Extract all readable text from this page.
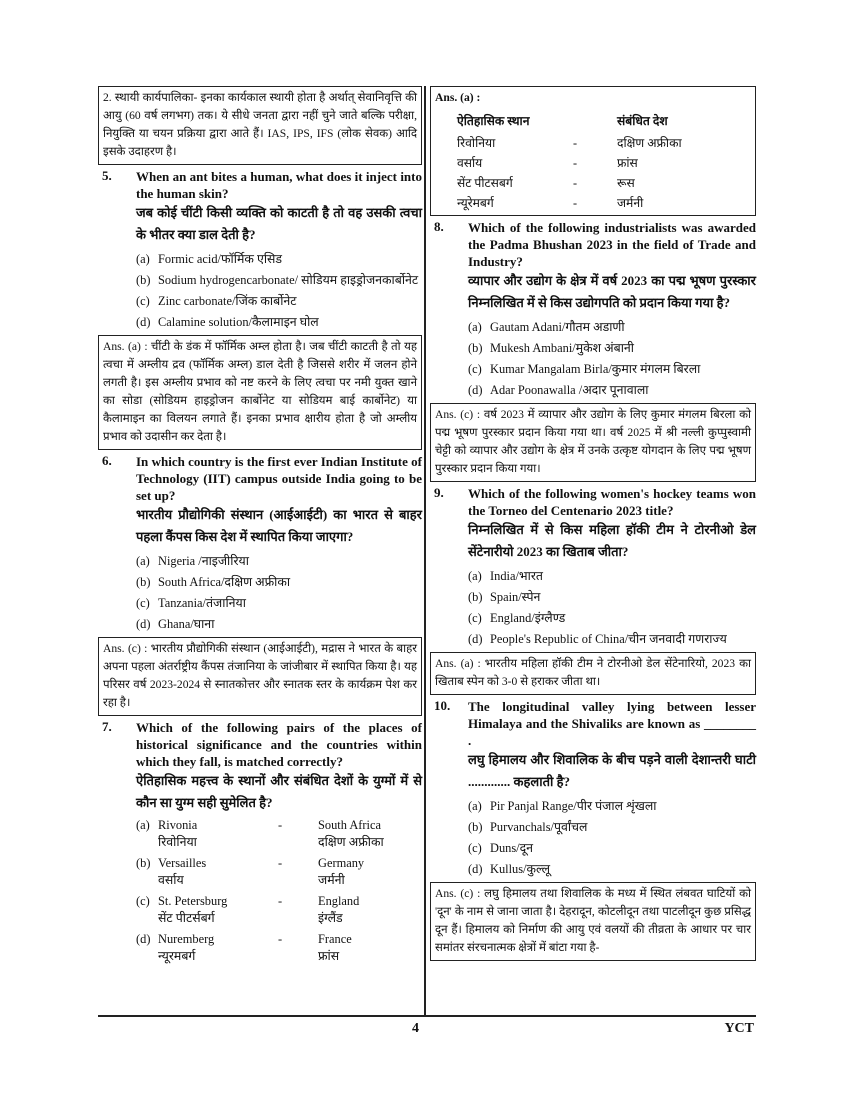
2. स्थायी कार्यपालिका- इनका कार्यकाल स्थायी होता है अर्थात् सेवानिवृत्ति की आयु (60 वर्ष लगभग) तक। ये सीधे जनता द्वारा नहीं चुने जाते बल्कि परीक्षा, नियुक्ति या चयन प्रक्रिया द्वारा आते हैं। IAS, IPS, IFS (लोक सेवक) आदि इसके उदाहरण है।
5. When an ant bites a human, what does it inject into the human skin?
जब कोई चींटी किसी व्यक्ति को काटती है तो वह उसकी त्वचा के भीतर क्या डाल देती है?
(a) Formic acid/फॉर्मिक एसिड
(b) Sodium hydrogencarbonate/ सोडियम हाइड्रोजनकार्बोनेट
(c) Zinc carbonate/जिंक कार्बोनेट
(d) Calamine solution/कैलामाइन घोल
Ans. (a) : चींटी के डंक में फॉर्मिक अम्ल होता है। जब चींटी काटती है तो यह त्वचा में अम्लीय द्रव (फॉर्मिक अम्ल) डाल देती है जिससे शरीर में जलन होने लगती है। इस अम्लीय प्रभाव को नष्ट करने के लिए त्वचा पर नमी युक्त खाने का सोडा (सोडियम हाइड्रोजन कार्बोनेट या सोडियम बाई कार्बोनेट) या कैलामाइन का विलयन लगाते हैं। इनका प्रभाव क्षारीय होता है जो अम्लीय प्रभाव को उदासीन कर देता है।
6. In which country is the first ever Indian Institute of Technology (IIT) campus outside India going to be set up?
भारतीय प्रौद्योगिकी संस्थान (आईआईटी) का भारत से बाहर पहला कैंपस किस देश में स्थापित किया जाएगा?
(a) Nigeria /नाइजीरिया
(b) South Africa/दक्षिण अफ्रीका
(c) Tanzania/तंजानिया
(d) Ghana/घाना
Ans. (c) : भारतीय प्रौद्योगिकी संस्थान (आईआईटी), मद्रास ने भारत के बाहर अपना पहला अंतर्राष्ट्रीय कैंपस तंजानिया के जांजीबार में स्थापित किया है। यह परिसर वर्ष 2023-2024 से स्नातकोत्तर और स्नातक स्तर के कार्यक्रम पेश कर रहा है।
7. Which of the following pairs of the places of historical significance and the countries within which they fall, is matched correctly?
ऐतिहासिक महत्त्व के स्थानों और संबंधित देशों के युग्मों में से कौन सा युग्म सही सुमेलित है?
(a) Rivonia
रिवोनिया
-	South Africa
दक्षिण अफ्रीका
(b) Versailles
वर्साय
-	Germany
जर्मनी
(c) St. Petersburg
सेंट पीटर्सबर्ग
-	England
इंग्लैंड
(d) Nuremberg
न्यूरमबर्ग
-	France
फ्रांस
Ans. (a) :
ऐतिहासिक स्थान	संबंधित देश
रिवोनिया	-	दक्षिण अफ्रीका
वर्साय	-	फ्रांस
सेंट पीटसबर्ग	-	रूस
न्यूरेमबर्ग	-	जर्मनी
8. Which of the following industrialists was awarded the Padma Bhushan 2023 in the field of Trade and Industry?
व्यापार और उद्योग के क्षेत्र में वर्ष 2023 का पद्म भूषण पुरस्कार निम्नलिखित में से किस उद्योगपति को प्रदान किया गया है?
(a) Gautam Adani/गौतम अडाणी
(b) Mukesh Ambani/मुकेश अंबानी
(c) Kumar Mangalam Birla/कुमार मंगलम बिरला
(d) Adar Poonawalla /अदार पूनावाला
Ans. (c) : वर्ष 2023 में व्यापार और उद्योग के लिए कुमार मंगलम बिरला को पद्म भूषण पुरस्कार प्रदान किया गया था। वर्ष 2025 में श्री नल्ली कुप्पुस्वामी चेट्टी को व्यापार और उद्योग के क्षेत्र में उनके उत्कृष्ट योगदान के लिए पद्म भूषण पुरस्कार प्रदान किया गया।
9. Which of the following women's hockey teams won the Torneo del Centenario 2023 title?
निम्नलिखित में से किस महिला हॉकी टीम ने टोरनीओ डेल सेंटेनारीयो 2023 का खिताब जीता?
(a) India/भारत
(b) Spain/स्पेन
(c) England/इंग्लैण्ड
(d) People's Republic of China/चीन जनवादी गणराज्य
Ans. (a) : भारतीय महिला हॉकी टीम ने टोरनीओ डेल सेंटेनारियो, 2023 का खिताब स्पेन को 3-0 से हराकर जीता था।
10. The longitudinal valley lying between lesser Himalaya and the Shivaliks are known as ________ .
लघु हिमालय और शिवालिक के बीच पड़ने वाली देशान्तरी घाटी ............. कहलाती है?
(a) Pir Panjal Range/पीर पंजाल शृंखला
(b) Purvanchals/पूर्वांचल
(c) Duns/दून
(d) Kullus/कुल्लू
Ans. (c) : लघु हिमालय तथा शिवालिक के मध्य में स्थित लंबवत घाटियों को 'दून' के नाम से जाना जाता है। देहरादून, कोटलीदून तथा पाटलीदून कुछ प्रसिद्ध दून हैं। हिमालय को निर्माण की आयु एवं वलयों की तीव्रता के आधार पर चार समांतर संरचनात्मक क्षेत्रों में बांटा गया है-
4	YCT
